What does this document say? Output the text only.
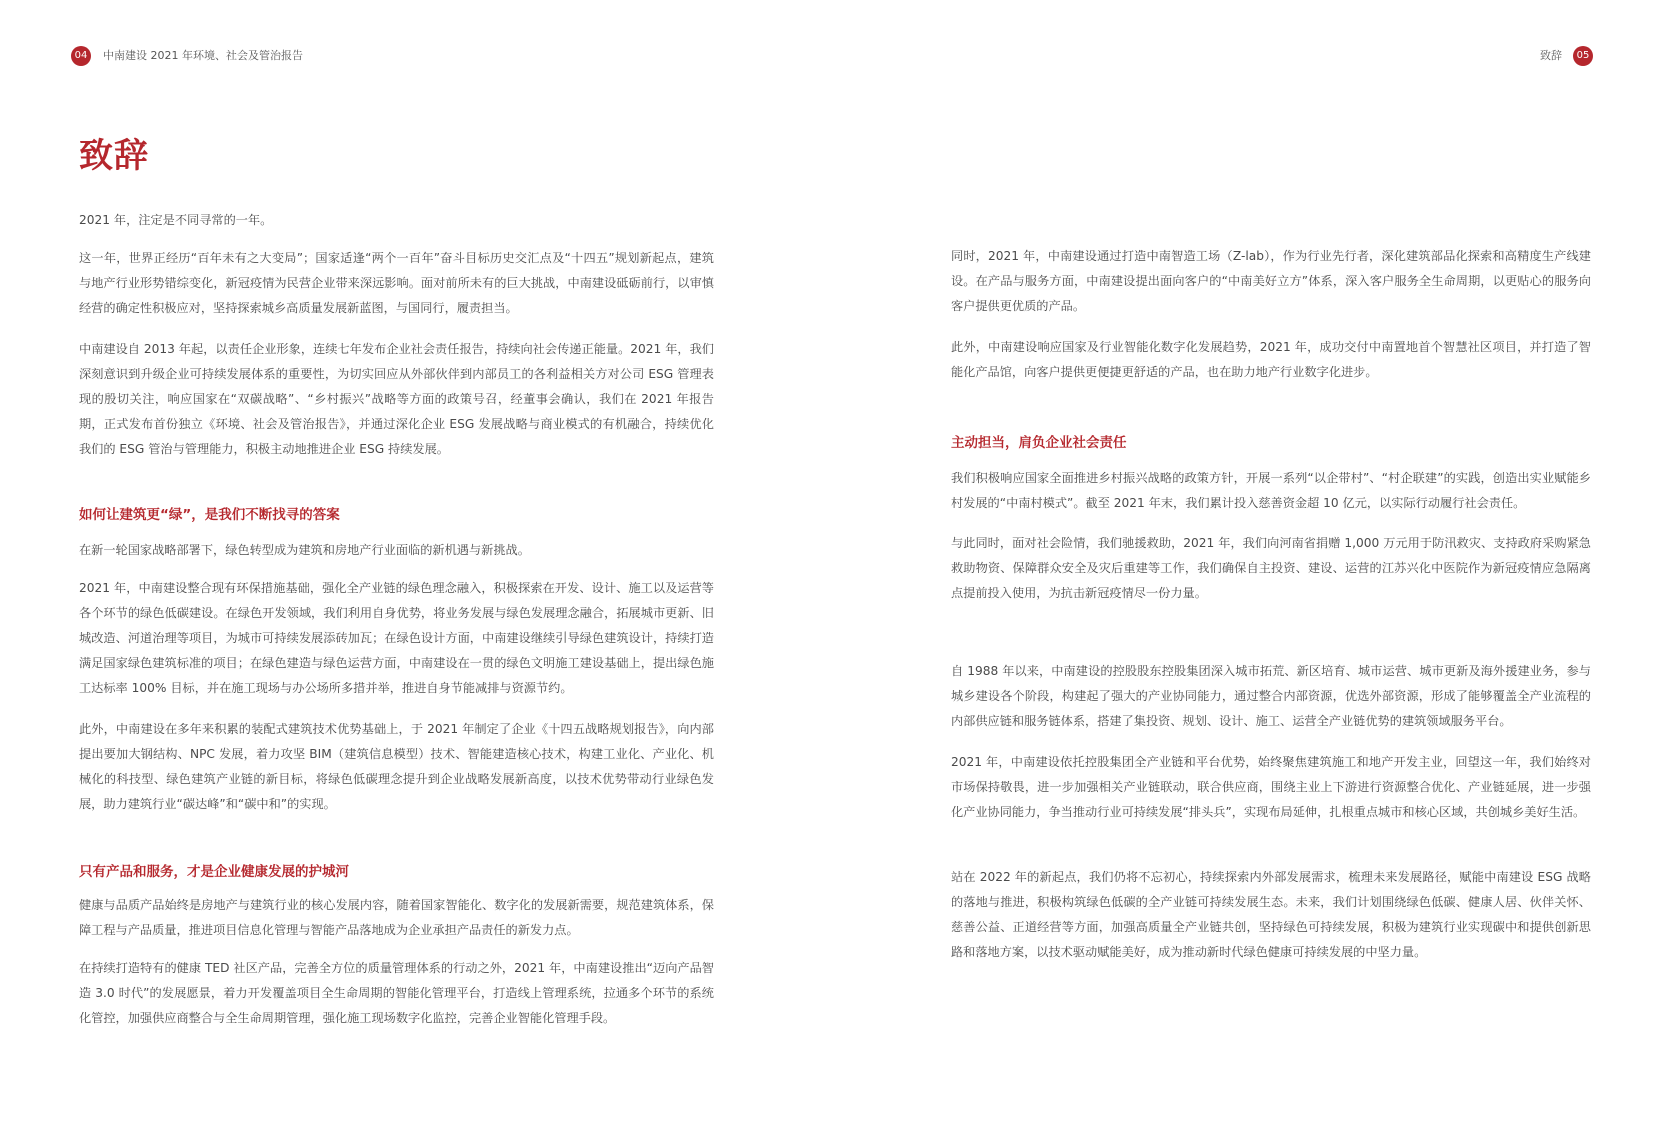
04	中南建设 2021 年环境、社会及管治报告	致辞	05
致辞

2021 年，注定是不同寻常的一年。

这一年，世界正经历“百年未有之大变局”；国家适逢“两个一百年”奋斗目标历史交汇点及“十四五”规划新起点，建筑与地产行业形势错综变化，新冠疫情为民营企业带来深远影响。面对前所未有的巨大挑战，中南建设砥砺前行，以审慎经营的确定性积极应对，坚持探索城乡高质量发展新蓝图，与国同行，履责担当。

中南建设自 2013 年起，以责任企业形象，连续七年发布企业社会责任报告，持续向社会传递正能量。2021 年，我们深刻意识到升级企业可持续发展体系的重要性，为切实回应从外部伙伴到内部员工的各利益相关方对公司 ESG 管理表现的殷切关注，响应国家在“双碳战略”、“乡村振兴”战略等方面的政策号召，经董事会确认，我们在 2021 年报告期，正式发布首份独立《环境、社会及管治报告》，并通过深化企业 ESG 发展战略与商业模式的有机融合，持续优化我们的 ESG 管治与管理能力，积极主动地推进企业 ESG 持续发展。

如何让建筑更“绿”，是我们不断找寻的答案

在新一轮国家战略部署下，绿色转型成为建筑和房地产行业面临的新机遇与新挑战。

2021 年，中南建设整合现有环保措施基础，强化全产业链的绿色理念融入，积极探索在开发、设计、施工以及运营等各个环节的绿色低碳建设。在绿色开发领域，我们利用自身优势，将业务发展与绿色发展理念融合，拓展城市更新、旧城改造、河道治理等项目，为城市可持续发展添砖加瓦；在绿色设计方面，中南建设继续引导绿色建筑设计，持续打造满足国家绿色建筑标准的项目；在绿色建造与绿色运营方面，中南建设在一贯的绿色文明施工建设基础上，提出绿色施工达标率 100% 目标，并在施工现场与办公场所多措并举，推进自身节能减排与资源节约。

此外，中南建设在多年来积累的装配式建筑技术优势基础上，于 2021 年制定了企业《十四五战略规划报告》，向内部提出要加大钢结构、NPC 发展，着力攻坚 BIM（建筑信息模型）技术、智能建造核心技术，构建工业化、产业化、机械化的科技型、绿色建筑产业链的新目标，将绿色低碳理念提升到企业战略发展新高度，以技术优势带动行业绿色发展，助力建筑行业“碳达峰”和“碳中和”的实现。

只有产品和服务，才是企业健康发展的护城河

健康与品质产品始终是房地产与建筑行业的核心发展内容，随着国家智能化、数字化的发展新需要，规范建筑体系，保障工程与产品质量，推进项目信息化管理与智能产品落地成为企业承担产品责任的新发力点。

在持续打造特有的健康 TED 社区产品，完善全方位的质量管理体系的行动之外，2021 年，中南建设推出“迈向产品智造 3.0 时代”的发展愿景，着力开发覆盖项目全生命周期的智能化管理平台，打造线上管理系统，拉通多个环节的系统化管控，加强供应商整合与全生命周期管理，强化施工现场数字化监控，完善企业智能化管理手段。

同时，2021 年，中南建设通过打造中南智造工场（Z-lab），作为行业先行者，深化建筑部品化探索和高精度生产线建设。在产品与服务方面，中南建设提出面向客户的“中南美好立方”体系，深入客户服务全生命周期，以更贴心的服务向客户提供更优质的产品。

此外，中南建设响应国家及行业智能化数字化发展趋势，2021 年，成功交付中南置地首个智慧社区项目，并打造了智能化产品馆，向客户提供更便捷更舒适的产品，也在助力地产行业数字化进步。

主动担当，肩负企业社会责任

我们积极响应国家全面推进乡村振兴战略的政策方针，开展一系列“以企带村”、“村企联建”的实践，创造出实业赋能乡村发展的“中南村模式”。截至 2021 年末，我们累计投入慈善资金超 10 亿元，以实际行动履行社会责任。

与此同时，面对社会险情，我们驰援救助，2021 年，我们向河南省捐赠 1,000 万元用于防汛救灾、支持政府采购紧急救助物资、保障群众安全及灾后重建等工作，我们确保自主投资、建设、运营的江苏兴化中医院作为新冠疫情应急隔离点提前投入使用，为抗击新冠疫情尽一份力量。

自 1988 年以来，中南建设的控股股东控股集团深入城市拓荒、新区培育、城市运营、城市更新及海外援建业务，参与城乡建设各个阶段，构建起了强大的产业协同能力，通过整合内部资源，优选外部资源，形成了能够覆盖全产业流程的内部供应链和服务链体系，搭建了集投资、规划、设计、施工、运营全产业链优势的建筑领域服务平台。

2021 年，中南建设依托控股集团全产业链和平台优势，始终聚焦建筑施工和地产开发主业，回望这一年，我们始终对市场保持敬畏，进一步加强相关产业链联动，联合供应商，围绕主业上下游进行资源整合优化、产业链延展，进一步强化产业协同能力，争当推动行业可持续发展“排头兵”，实现布局延伸，扎根重点城市和核心区域，共创城乡美好生活。

站在 2022 年的新起点，我们仍将不忘初心，持续探索内外部发展需求，梳理未来发展路径，赋能中南建设 ESG 战略的落地与推进，积极构筑绿色低碳的全产业链可持续发展生态。未来，我们计划围绕绿色低碳、健康人居、伙伴关怀、慈善公益、正道经营等方面，加强高质量全产业链共创，坚持绿色可持续发展，积极为建筑行业实现碳中和提供创新思路和落地方案，以技术驱动赋能美好，成为推动新时代绿色健康可持续发展的中坚力量。
